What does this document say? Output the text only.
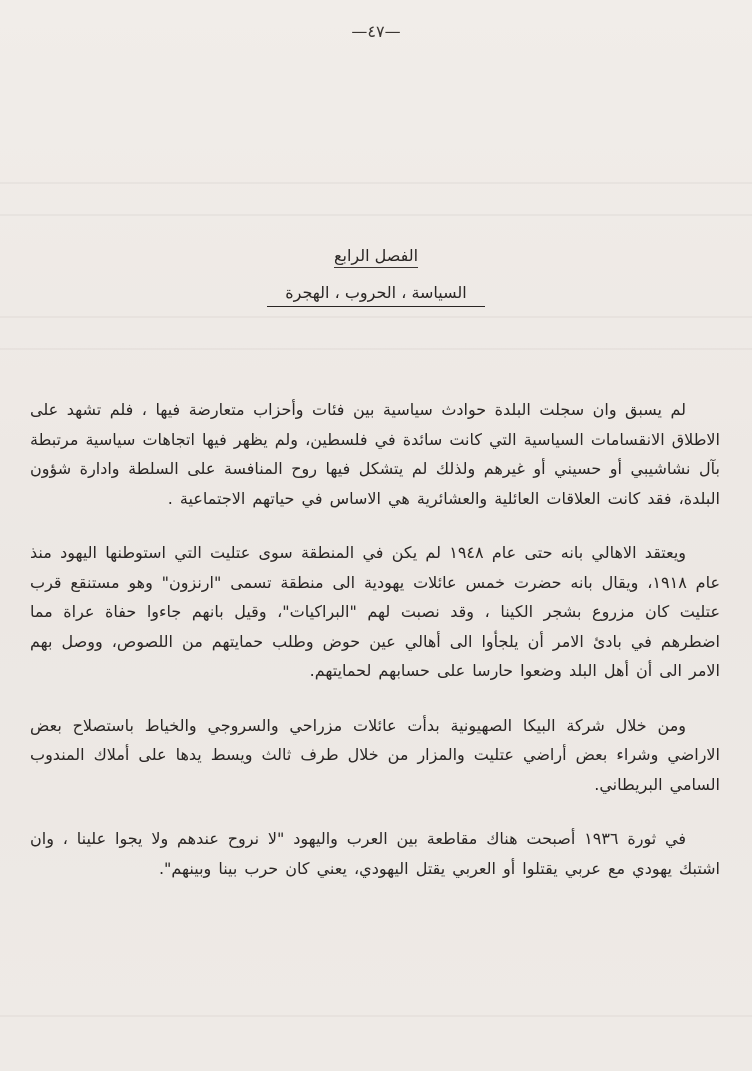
—٤٧—
الفصل الرابع
السياسة ، الحروب ، الهجرة

لم يسبق وان سجلت البلدة حوادث سياسية بين فئات وأحزاب متعارضة فيها ، فلم تشهد على الاطلاق الانقسامات السياسية التي كانت سائدة في فلسطين، ولم يظهر فيها اتجاهات سياسية مرتبطة بآل نشاشيبي أو حسيني أو غيرهم ولذلك لم يتشكل فيها روح المنافسة على السلطة وادارة شؤون البلدة، فقد كانت العلاقات العائلية والعشائرية هي الاساس في حياتهم الاجتماعية .

ويعتقد الاهالي بانه حتى عام ١٩٤٨ لم يكن في المنطقة سوى عتليت التي استوطنها اليهود منذ عام ١٩١٨، ويقال بانه حضرت خمس عائلات يهودية الى منطقة تسمى "ارنزون" وهو مستنقع قرب عتليت كان مزروع بشجر الكينا ، وقد نصبت لهم "البراكيات"، وقيل بانهم جاءوا حفاة عراة مما اضطرهم في بادئ الامر أن يلجأوا الى أهالي عين حوض وطلب حمايتهم من اللصوص، ووصل بهم الامر الى أن أهل البلد وضعوا حارسا على حسابهم لحمايتهم.

ومن خلال شركة البيكا الصهيونية بدأت عائلات مزراحي والسروجي والخياط باستصلاح بعض الاراضي وشراء بعض أراضي عتليت والمزار من خلال طرف ثالث ويسط يدها على أملاك المندوب السامي البريطاني.

في ثورة ١٩٣٦ أصبحت هناك مقاطعة بين العرب واليهود "لا نروح عندهم ولا يجوا علينا ، وان اشتبك يهودي مع عربي يقتلوا أو العربي يقتل اليهودي، يعني كان حرب بينا وبينهم".
